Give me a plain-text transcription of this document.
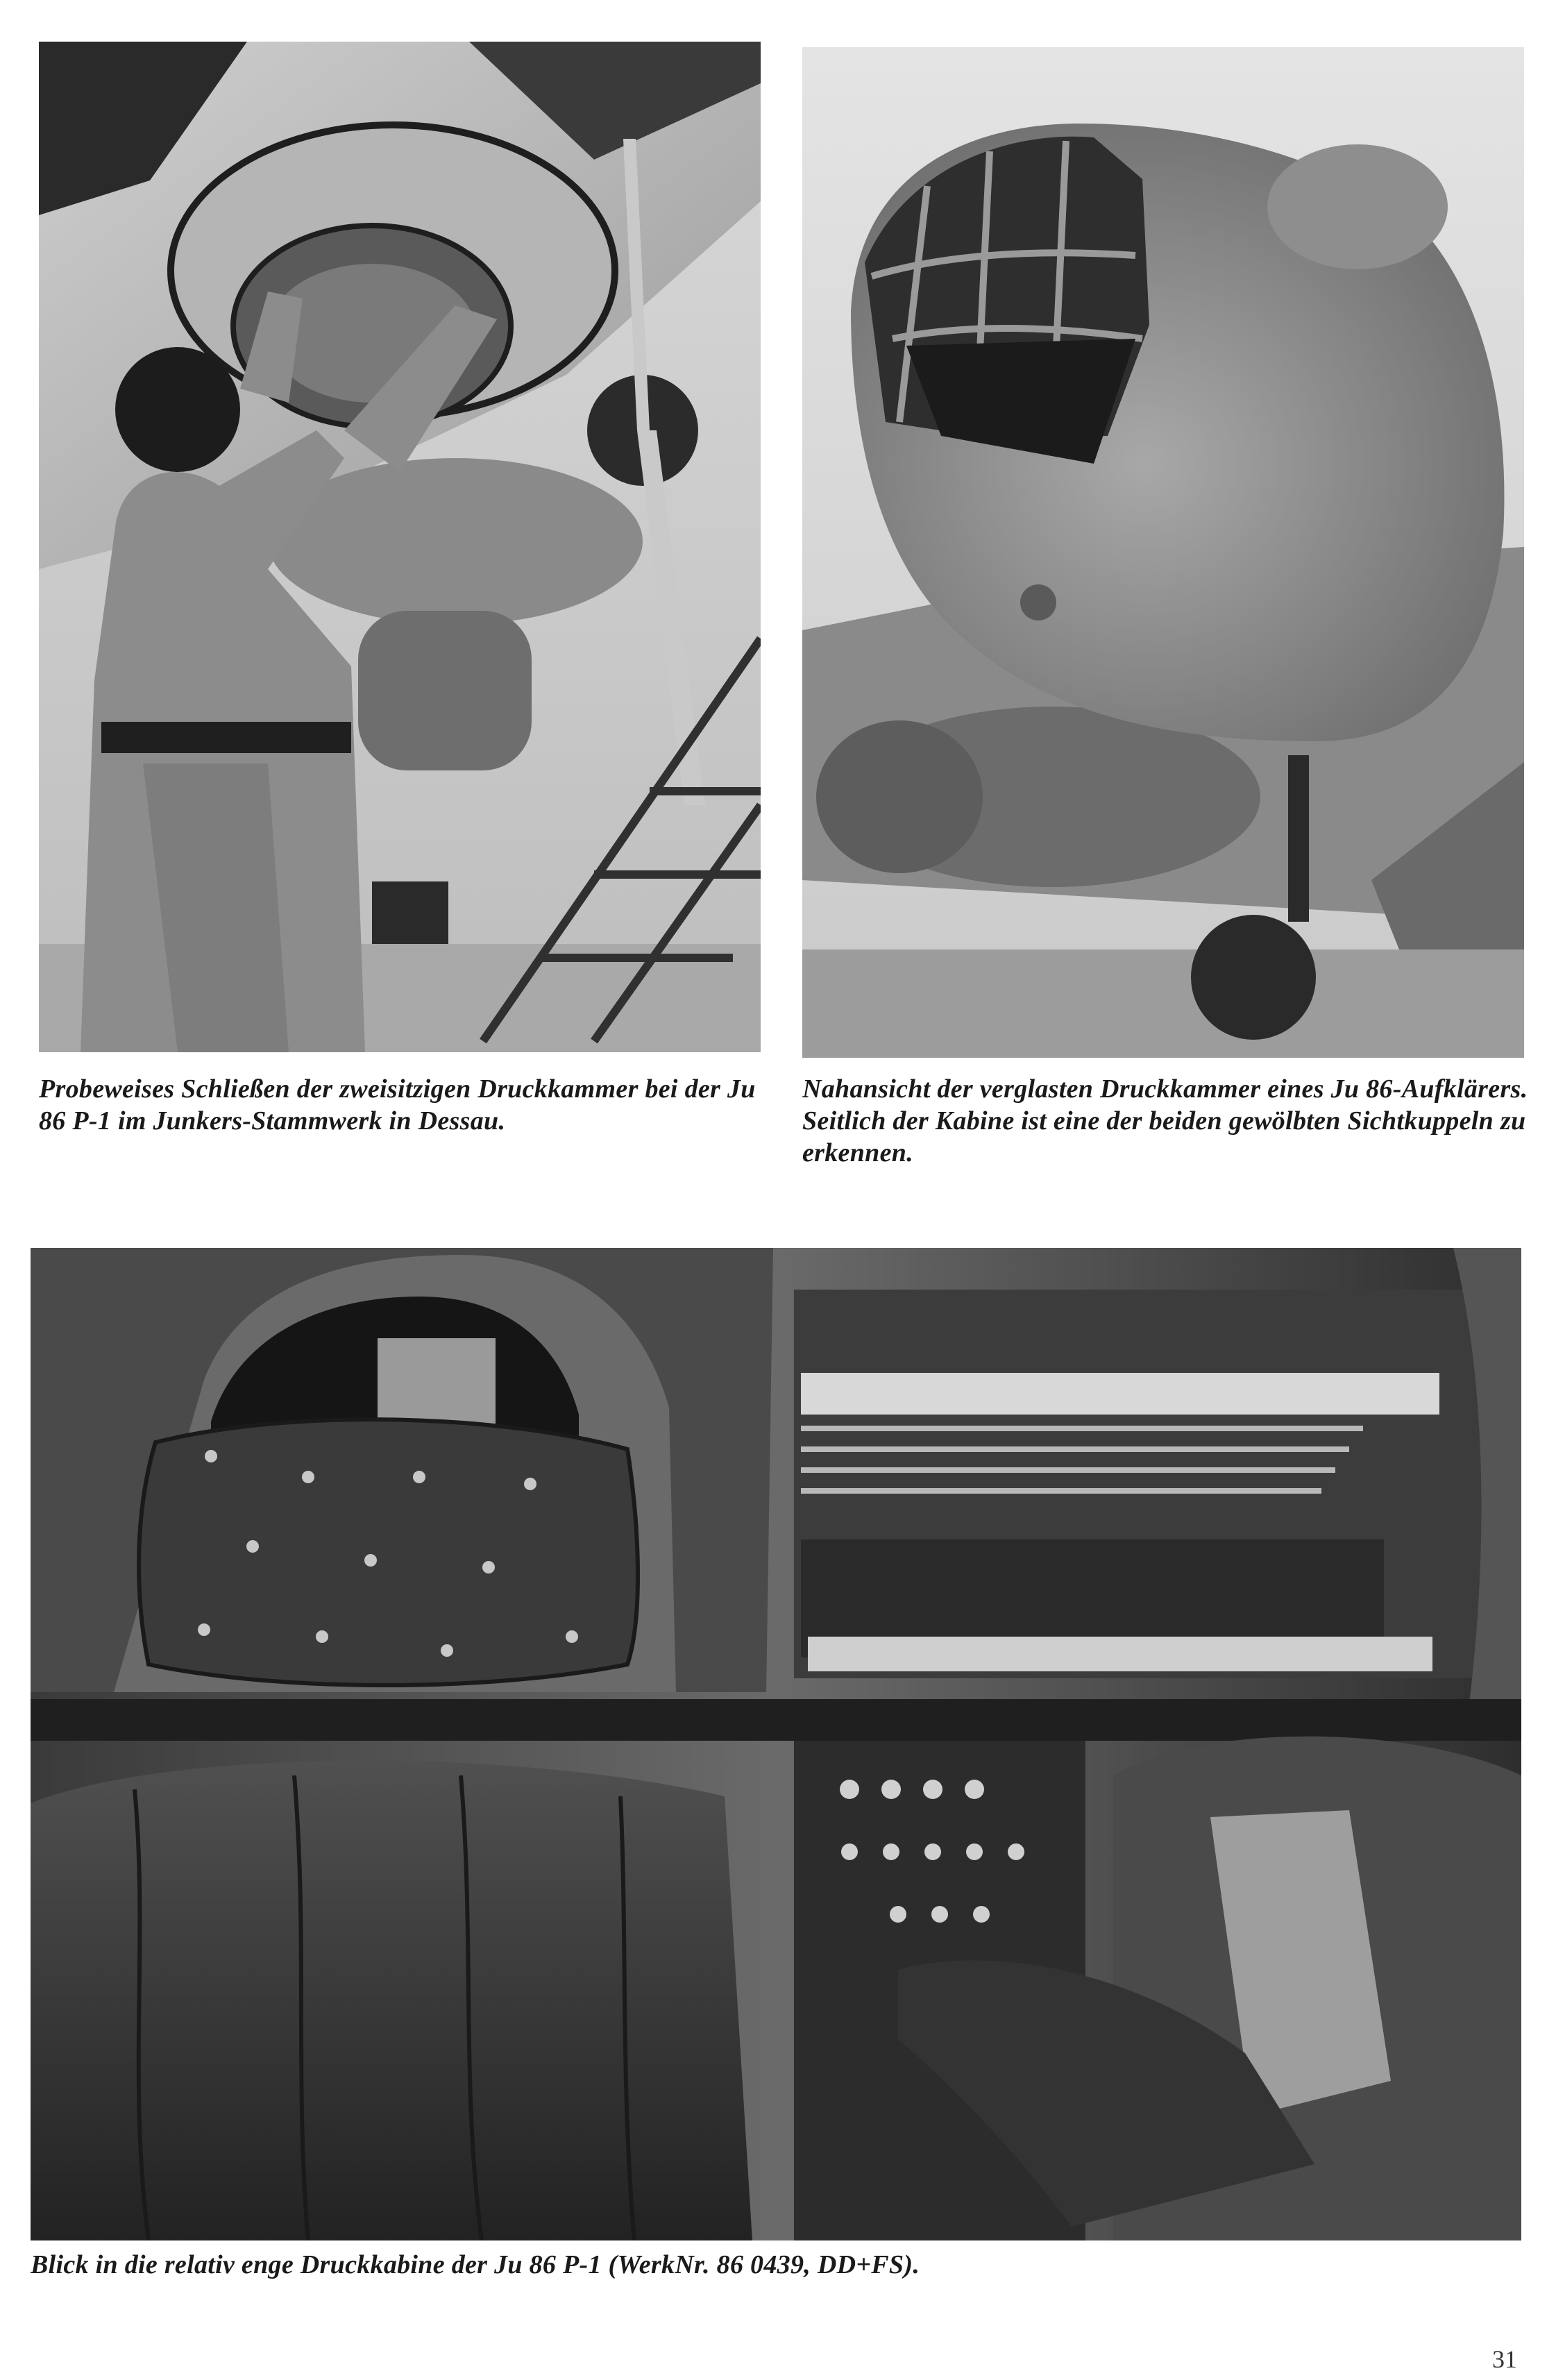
Probeweises Schließen der zweisitzigen Druckkammer bei der Ju 86 P-1 im Junkers-Stammwerk in Dessau.
Nahansicht der verglasten Druckkammer eines Ju 86-Aufklärers. Seitlich der Kabine ist eine der beiden gewölbten Sichtkuppeln zu erkennen.
Blick in die relativ enge Druckkabine der Ju 86 P-1 (WerkNr. 86 0439, DD+FS).
31
